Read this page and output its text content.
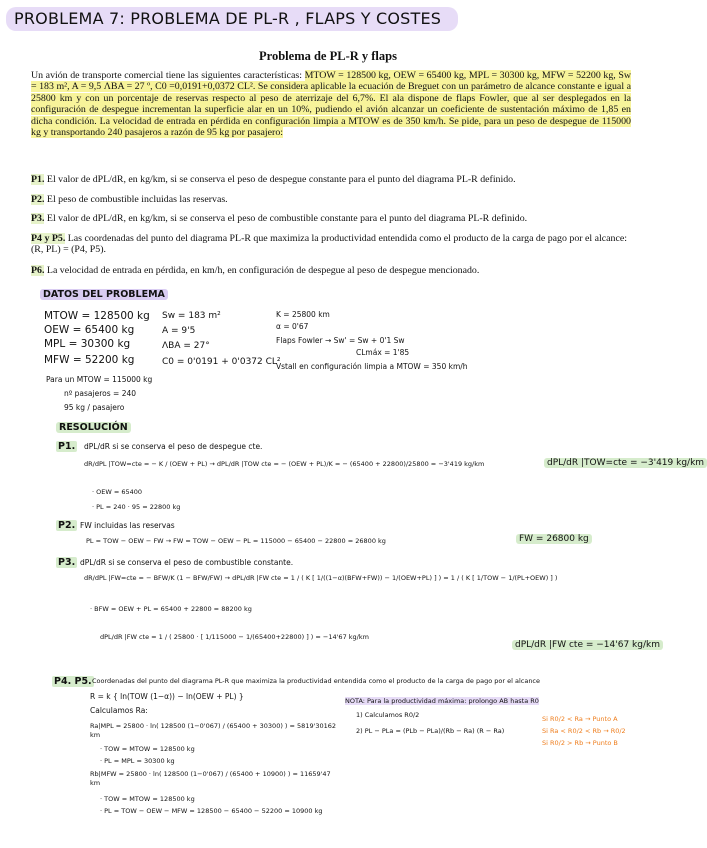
PROBLEMA 7: PROBLEMA DE PL-R , FLAPS Y COSTES
Problema de PL-R y flaps
Un avión de transporte comercial tiene las siguientes características: MTOW = 128500 kg, OEW = 65400 kg, MPL = 30300 kg, MFW = 52200 kg, Sw = 183 m², A = 9,5 ΛBA = 27 º, C0 =0,0191+0,0372 CL². Se considera aplicable la ecuación de Breguet con un parámetro de alcance constante e igual a 25800 km y con un porcentaje de reservas respecto al peso de aterrizaje del 6,7%. El ala dispone de flaps Fowler, que al ser desplegados en la configuración de despegue incrementan la superficie alar en un 10%, pudiendo el avión alcanzar un coeficiente de sustentación máximo de 1,85 en dicha condición. La velocidad de entrada en pérdida en configuración limpia a MTOW es de 350 km/h. Se pide, para un peso de despegue de 115000 kg y transportando 240 pasajeros a razón de 95 kg por pasajero:
P1. El valor de dPL/dR, en kg/km, si se conserva el peso de despegue constante para el punto del diagrama PL-R definido.
P2. El peso de combustible incluidas las reservas.
P3. El valor de dPL/dR, en kg/km, si se conserva el peso de combustible constante para el punto del diagrama PL-R definido.
P4 y P5. Las coordenadas del punto del diagrama PL-R que maximiza la productividad entendida como el producto de la carga de pago por el alcance: (R, PL) = (P4, P5).
P6. La velocidad de entrada en pérdida, en km/h, en configuración de despegue al peso de despegue mencionado.
DATOS DEL PROBLEMA
MTOW = 128500 kg
OEW = 65400 kg
MPL = 30300 kg
MFW = 52200 kg
Sw = 183 m²
A = 9'5
ΛBA = 27°
C0 = 0'0191 + 0'0372 CL²
K = 25800 km
α = 0'67
Flaps Fowler → Sw' = Sw + 0'1 Sw
CLmáx = 1'85
Vstall en configuración limpia a MTOW = 350 km/h
Para un MTOW = 115000 kg
nº pasajeros = 240
95 kg / pasajero
RESOLUCIÓN
P1. dPL/dR si se conserva el peso de despegue cte.
dR/dPL |TOW=cte = − K / (OEW + PL) → dPL/dR |TOW cte = − (OEW + PL)/K = − (65400 + 22800)/25800 = −3'419 kg/km	dPL/dR |TOW=cte = −3'419 kg/km
· OEW = 65400
· PL = 240 · 95 = 22800 kg
P2. FW incluidas las reservas
PL = TOW − OEW − FW → FW = TOW − OEW − PL = 115000 − 65400 − 22800 = 26800 kg	FW = 26800 kg
P3. dPL/dR si se conserva el peso de combustible constante.
dR/dPL |FW=cte = − BFW/K (1 − BFW/FW) → dPL/dR |FW cte = 1 / ( K [ 1/((1−α)(BFW+FW)) − 1/(OEW+PL) ] ) = 1 / ( K [ 1/TOW − 1/(PL+OEW) ] )
· BFW = OEW + PL = 65400 + 22800 = 88200 kg
dPL/dR |FW cte = 1 / ( 25800 · [ 1/115000 − 1/(65400+22800) ] ) = −14'67 kg/km
dPL/dR |FW cte = −14'67 kg/km
P4. P5. Coordenadas del punto del diagrama PL-R que maximiza la productividad entendida como el producto de la carga de pago por el alcance
R = k { ln(TOW (1−α)) − ln(OEW + PL) }
Calculamos Ra:
Ra|MPL = 25800 · ln( 128500 (1−0'067) / (65400 + 30300) ) = 5819'30162 km
· TOW = MTOW = 128500 kg
· PL = MPL = 30300 kg
Rb|MFW = 25800 · ln( 128500 (1−0'067) / (65400 + 10900) ) = 11659'47 km
· TOW = MTOW = 128500 kg
· PL = TOW − OEW − MFW = 128500 − 65400 − 52200 = 10900 kg
NOTA: Para la productividad máxima: prolongo AB hasta R0
1) Calculamos R0/2
2) PL − PLa = (PLb − PLa)/(Rb − Ra) (R − Ra)
Si R0/2 < Ra → Punto A
Si Ra < R0/2 < Rb → R0/2
Si R0/2 > Rb → Punto B
